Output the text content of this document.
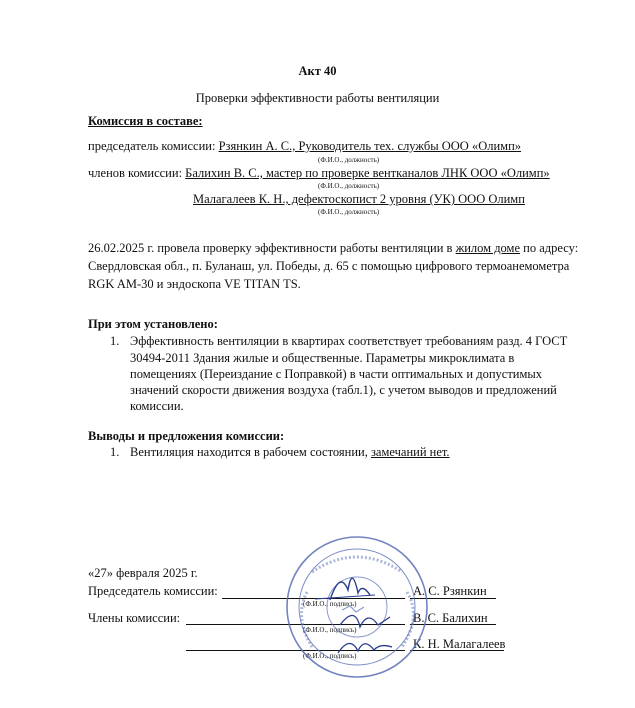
Акт 40
Проверки эффективности работы вентиляции
Комиссия в составе:
председатель комиссии: Рзянкин А. С., Руководитель тех. службы ООО «Олимп»
(Ф.И.О., должность)
членов комиссии: Балихин В. С., мастер по проверке вентканалов ЛНК ООО «Олимп»
(Ф.И.О., должность)
Малагалеев К. Н., дефектоскопист 2 уровня (УК) ООО Олимп
(Ф.И.О., должность)
26.02.2025 г. провела проверку эффективности работы вентиляции в жилом доме по адресу:
Свердловская обл., п. Буланаш, ул. Победы, д. 65 с помощью цифрового термоанемометра
RGK AM-30 и эндоскопа VE TITAN TS.
При этом установлено:
1. Эффективность вентиляции в квартирах соответствует требованиям разд. 4 ГОСТ
30494-2011 Здания жилые и общественные. Параметры микроклимата в
помещениях (Переиздание с Поправкой) в части оптимальных и допустимых
значений скорости движения воздуха (табл.1), с учетом выводов и предложений
комиссии.
Выводы и предложения комиссии:
1. Вентиляция находится в рабочем состоянии, замечаний нет.
«27» февраля 2025 г.
Председатель комиссии:
(Ф.И.О., подпись)
А. С. Рзянкин
Члены комиссии:
(Ф.И.О., подпись)
В. С. Балихин
(Ф.И.О., подпись)
К. Н. Малагалеев
